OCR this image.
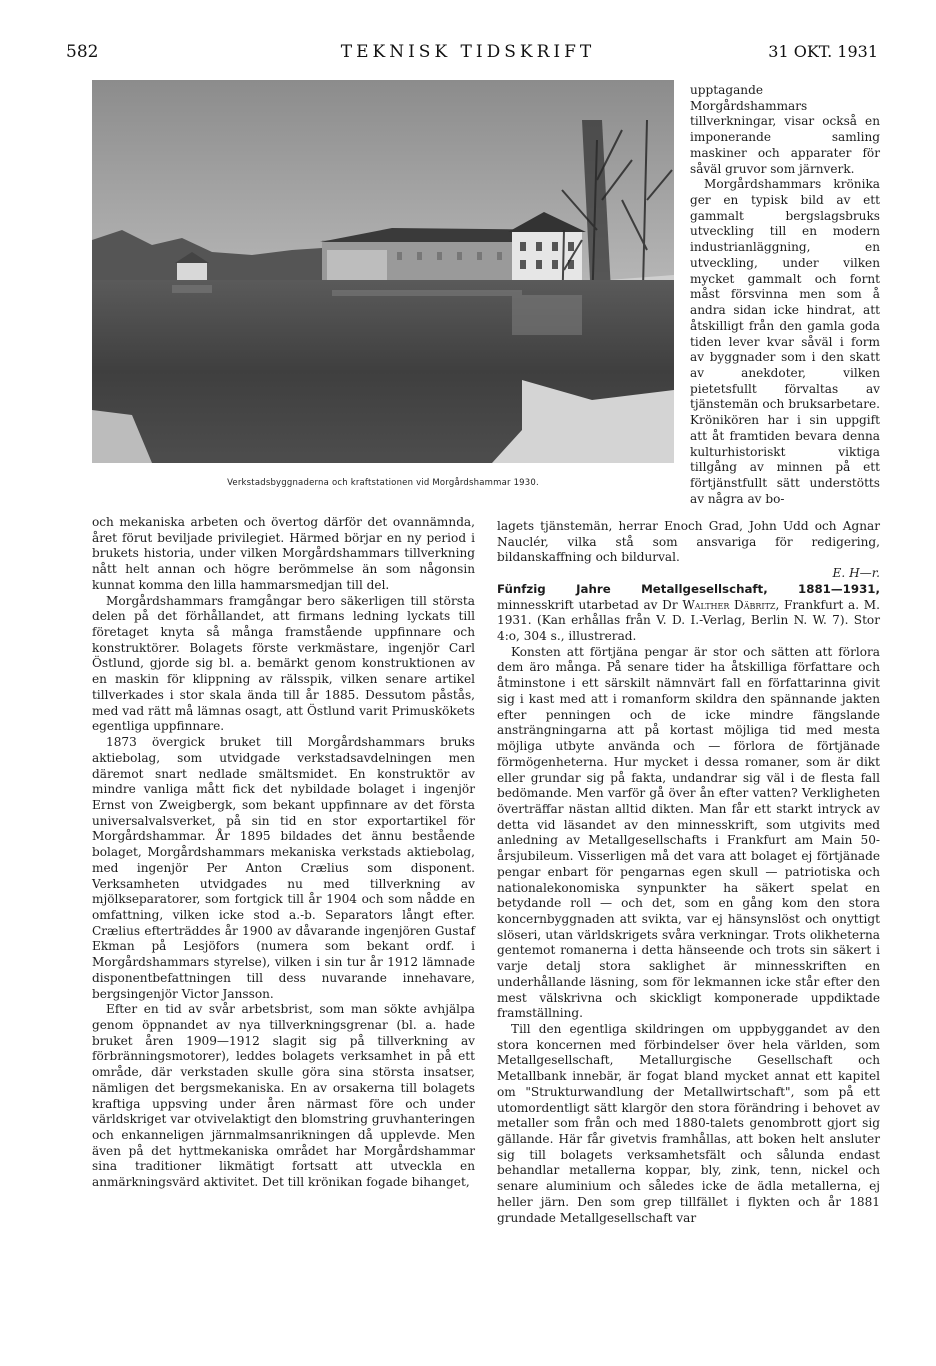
582	TEKNISK TIDSKRIFT	31 OKT. 1931
Verkstadsbyggnaderna och kraftstationen vid Morgårdshammar 1930.

upptagande Morgårdshammars tillverkningar, visar också en imponerande samling maskiner och apparater för såväl gruvor som järnverk.

Morgårdshammars krönika ger en typisk bild av ett gammalt bergslagsbruks utveckling till en modern industrianläggning, en utveckling, under vilken mycket gammalt och fornt måst försvinna men som å andra sidan icke hindrat, att åtskilligt från den gamla goda tiden lever kvar såväl i form av byggnader som i den skatt av anekdoter, vilken pietetsfullt förvaltas av tjänstemän och bruksarbetare. Krönikören har i sin uppgift att åt framtiden bevara denna kulturhistoriskt viktiga tillgång av minnen på ett förtjänstfullt sätt understötts av några av bo-

och mekaniska arbeten och övertog därför det ovannämnda, året förut beviljade privilegiet. Härmed börjar en ny period i brukets historia, under vilken Morgårdshammars tillverkning nått helt annan och högre berömmelse än som någonsin kunnat komma den lilla hammarsmedjan till del.

Morgårdshammars framgångar bero säkerligen till största delen på det förhållandet, att firmans ledning lyckats till företaget knyta så många framstående uppfinnare och konstruktörer. Bolagets förste verkmästare, ingenjör Carl Östlund, gjorde sig bl. a. bemärkt genom konstruktionen av en maskin för klippning av rälsspik, vilken senare artikel tillverkades i stor skala ända till år 1885. Dessutom påstås, med vad rätt må lämnas osagt, att Östlund varit Primuskökets egentliga uppfinnare.

1873 övergick bruket till Morgårdshammars bruks aktiebolag, som utvidgade verkstadsavdelningen men däremot snart nedlade smältsmidet. En konstruktör av mindre vanliga mått fick det nybildade bolaget i ingenjör Ernst von Zweigbergk, som bekant uppfinnare av det första universalvalsverket, på sin tid en stor exportartikel för Morgårdshammar. År 1895 bildades det ännu bestående bolaget, Morgårdshammars mekaniska verkstads aktiebolag, med ingenjör Per Anton Crælius som disponent. Verksamheten utvidgades nu med tillverkning av mjölkseparatorer, som fortgick till år 1904 och som nådde en omfattning, vilken icke stod a.-b. Separators långt efter. Crælius efterträddes år 1900 av dåvarande ingenjören Gustaf Ekman på Lesjöfors (numera som bekant ordf. i Morgårdshammars styrelse), vilken i sin tur år 1912 lämnade disponentbefattningen till dess nuvarande innehavare, bergsingenjör Victor Jansson.

Efter en tid av svår arbetsbrist, som man sökte avhjälpa genom öppnandet av nya tillverkningsgrenar (bl. a. hade bruket åren 1909—1912 slagit sig på tillverkning av förbränningsmotorer), leddes bolagets verksamhet in på ett område, där verkstaden skulle göra sina största insatser, nämligen det bergsmekaniska. En av orsakerna till bolagets kraftiga uppsving under åren närmast före och under världskriget var otvivelaktigt den blomstring gruvhanteringen och enkanneligen järnmalmsanrikningen då upplevde. Men även på det hyttmekaniska området har Morgårdshammar sina traditioner likmätigt fortsatt att utveckla en anmärkningsvärd aktivitet. Det till krönikan fogade bihanget,

lagets tjänstemän, herrar Enoch Grad, John Udd och Agnar Nauclér, vilka stå som ansvariga för redigering, bildanskaffning och bildurval.

E. H—r.

Fünfzig Jahre Metallgesellschaft, 1881—1931, minnesskrift utarbetad av Dr Walther Däbritz, Frankfurt a. M. 1931. (Kan erhållas från V. D. I.-Verlag, Berlin N. W. 7). Stor 4:o, 304 s., illustrerad.

Konsten att förtjäna pengar är stor och sätten att förlora dem äro många. På senare tider ha åtskilliga författare och åtminstone i ett särskilt nämnvärt fall en författarinna givit sig i kast med att i romanform skildra den spännande jakten efter penningen och de icke mindre fängslande ansträngningarna att på kortast möjliga tid med mesta möjliga utbyte använda och — förlora de förtjänade förmögenheterna. Hur mycket i dessa romaner, som är dikt eller grundar sig på fakta, undandrar sig väl i de flesta fall bedömande. Men varför gå över ån efter vatten? Verkligheten överträffar nästan alltid dikten. Man får ett starkt intryck av detta vid läsandet av den minnesskrift, som utgivits med anledning av Metallgesellschafts i Frankfurt am Main 50-årsjubileum. Visserligen må det vara att bolaget ej förtjänade pengar enbart för pengarnas egen skull — patriotiska och nationalekonomiska synpunkter ha säkert spelat en betydande roll — och det, som en gång kom den stora koncernbyggnaden att svikta, var ej hänsynslöst och onyttigt slöseri, utan världskrigets svåra verkningar. Trots olikheterna gentemot romanerna i detta hänseende och trots sin säkert i varje detalj stora saklighet är minnesskriften en underhållande läsning, som för lekmannen icke står efter den mest välskrivna och skickligt komponerade uppdiktade framställning.

Till den egentliga skildringen om uppbyggandet av den stora koncernen med förbindelser över hela världen, som Metallgesellschaft, Metallurgische Gesellschaft och Metallbank innebär, är fogat bland mycket annat ett kapitel om "Strukturwandlung der Metallwirtschaft", som på ett utomordentligt sätt klargör den stora förändring i behovet av metaller som från och med 1880-talets genombrott gjort sig gällande. Här får givetvis framhållas, att boken helt ansluter sig till bolagets verksamhetsfält och sålunda endast behandlar metallerna koppar, bly, zink, tenn, nickel och senare aluminium och således icke de ädla metallerna, ej heller järn. Den som grep tillfället i flykten och år 1881 grundade Metallgesellschaft var
